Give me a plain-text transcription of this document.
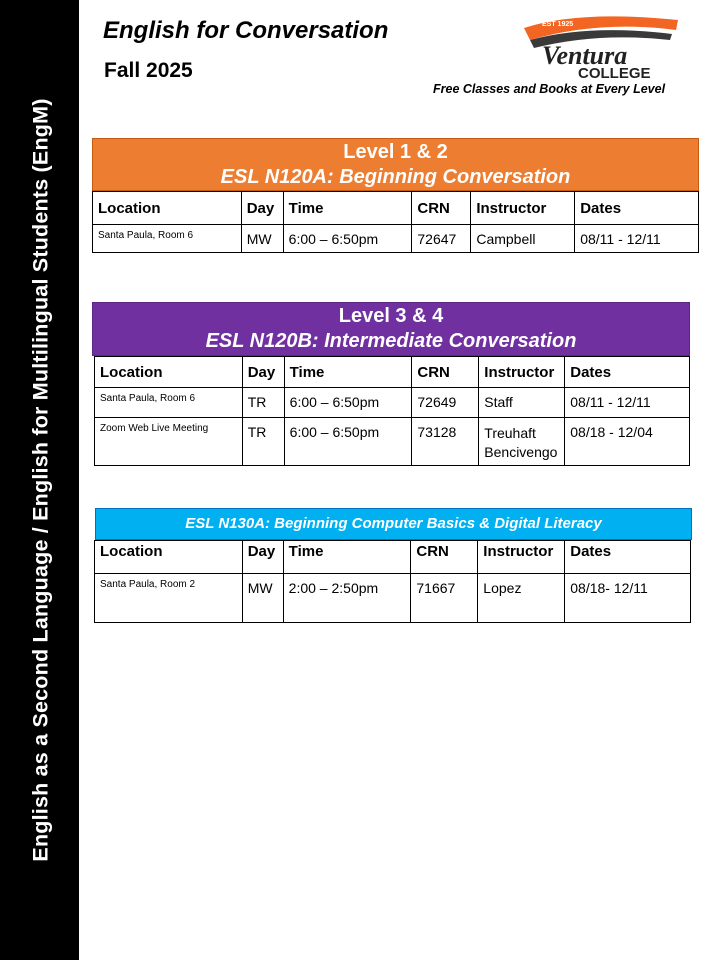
English as a Second Language / English for Multilingual Students (EngM)
English for Conversation
Fall 2025
EST 1925
Ventura
COLLEGE
Free Classes and Books at Every Level
Level 1 & 2
ESL N120A: Beginning Conversation
Location	Day	Time	CRN	Instructor	Dates
Santa Paula, Room 6	MW	6:00 – 6:50pm	72647	Campbell	08/11 - 12/11
Level 3 & 4
ESL N120B: Intermediate Conversation
Location	Day	Time	CRN	Instructor	Dates
Santa Paula, Room 6	TR	6:00 – 6:50pm	72649	Staff	08/11 - 12/11
Zoom Web Live Meeting	TR	6:00 – 6:50pm	73128	Treuhaft Bencivengo	08/18 - 12/04
ESL N130A: Beginning Computer Basics & Digital Literacy
Location	Day	Time	CRN	Instructor	Dates
Santa Paula, Room 2	MW	2:00 – 2:50pm	71667	Lopez	08/18- 12/11
